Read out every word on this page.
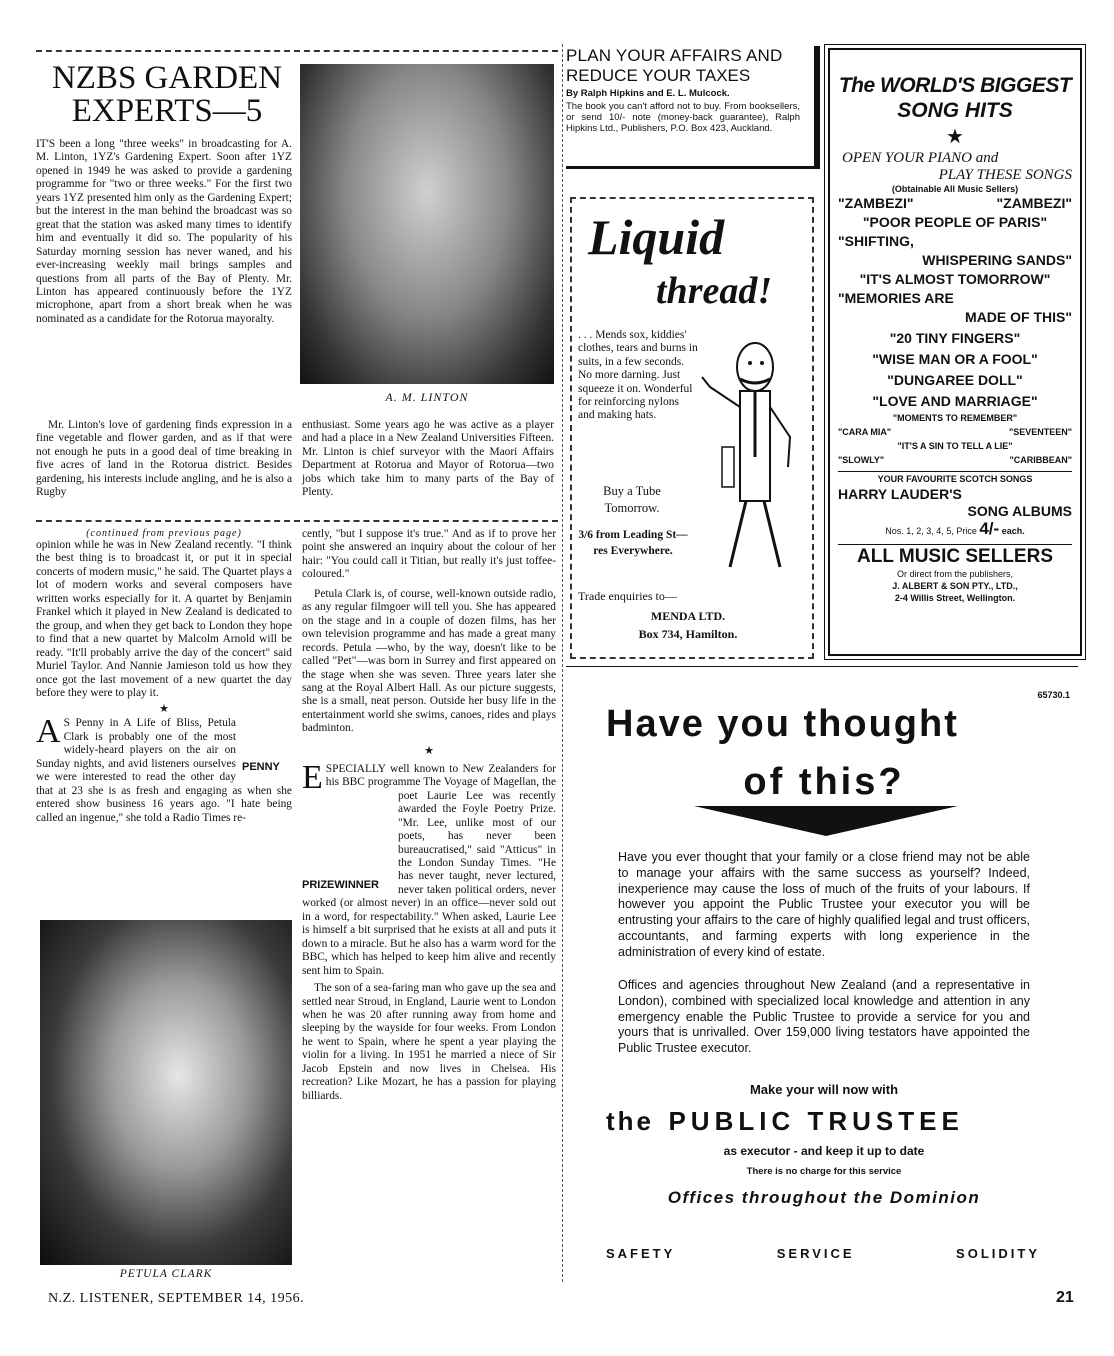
NZBS GARDEN
EXPERTS—5
A. M. LINTON

IT'S been a long "three weeks" in broadcasting for A. M. Linton, 1YZ's Gardening Expert. Soon after 1YZ opened in 1949 he was asked to provide a gardening programme for "two or three weeks." For the first two years 1YZ presented him only as the Gardening Expert; but the interest in the man behind the broadcast was so great that the station was asked many times to identify him and eventually it did so. The popularity of his Saturday morning session has never waned, and his ever-increasing weekly mail brings samples and questions from all parts of the Bay of Plenty. Mr. Linton has appeared continuously before the 1YZ microphone, apart from a short break when he was nominated as a candidate for the Rotorua mayoralty.

Mr. Linton's love of gardening finds expression in a fine vegetable and flower garden, and as if that were not enough he puts in a good deal of time breaking in five acres of land in the Rotorua district. Besides gardening, his interests include angling, and he is also a Rugby

enthusiast. Some years ago he was active as a player and had a place in a New Zealand Universities Fifteen. Mr. Linton is chief surveyor with the Maori Affairs Department at Rotorua and Mayor of Rotorua—two jobs which take him to many parts of the Bay of Plenty.

(continued from previous page)

opinion while he was in New Zealand recently. "I think the best thing is to broadcast it, or put it in special concerts of modern music," he said. The Quartet plays a lot of modern works and several composers have written works especially for it. A quartet by Benjamin Frankel which it played in New Zealand is dedicated to the group, and when they get back to London they hope to find that a new quartet by Malcolm Arnold will be ready. "It'll probably arrive the day of the concert" said Muriel Taylor. And Nannie Jamieson told us how they once got the last movement of a new quartet the day before they were to play it.

★

A
PENNY
S Penny in A Life of Bliss, Petula Clark is probably one of the most widely-heard players on the air on Sunday nights, and avid listeners ourselves we were interested to read the other day that at 23 she is as fresh and engaging as when she entered show business 16 years ago. "I hate being called an ingenue," she told a Radio Times re-

PETULA CLARK

cently, "but I suppose it's true." And as if to prove her point she answered an inquiry about the colour of her hair: "You could call it Titian, but really it's just toffee-coloured."

Petula Clark is, of course, well-known outside radio, as any regular filmgoer will tell you. She has appeared on the stage and in a couple of dozen films, has her own television programme and has made a great many records. Petula —who, by the way, doesn't like to be called "Pet"—was born in Surrey and first appeared on the stage when she was seven. Three years later she sang at the Royal Albert Hall. As our picture suggests, she is a small, neat person. Outside her busy life in the entertainment world she swims, canoes, rides and plays badminton.

★

E
PRIZEWINNER
SPECIALLY well known to New Zealanders for his BBC programme The Voyage of Magellan, the poet Laurie Lee was recently awarded the Foyle Poetry Prize. "Mr. Lee, unlike most of our poets, has never been bureaucratised," said "Atticus" in the London Sunday Times. "He has never taught, never lectured, never taken political orders, never worked (or almost never) in an office—never sold out in a word, for respectability." When asked, Laurie Lee is himself a bit surprised that he exists at all and puts it down to a miracle. But he also has a warm word for the BBC, which has helped to keep him alive and recently sent him to Spain.

The son of a sea-faring man who gave up the sea and settled near Stroud, in England, Laurie went to London when he was 20 after running away from home and sleeping by the wayside for four weeks. From London he went to Spain, where he spent a year playing the violin for a living. In 1951 he married a niece of Sir Jacob Epstein and now lives in Chelsea. His recreation? Like Mozart, he has a passion for playing billiards.

PLAN YOUR AFFAIRS AND
REDUCE YOUR TAXES
By Ralph Hipkins and E. L. Mulcock.
The book you can't afford not to buy. From booksellers, or send 10/- note (money-back guarantee), Ralph Hipkins Ltd., Publishers, P.O. Box 423, Auckland.
Liquid
thread!
. . . Mends sox, kiddies' clothes, tears and burns in suits, in a few seconds. No more darning. Just squeeze it on. Wonderful for reinforcing nylons and making hats.
Buy a Tube Tomorrow.
3/6 from Leading St—res Everywhere.
Trade enquiries to—
MENDA LTD.
Box 734, Hamilton.
The WORLD'S BIGGEST
SONG HITS
★
OPEN YOUR PIANO and
PLAY THESE SONGS
(Obtainable All Music Sellers)
"ZAMBEZI"	"ZAMBEZI"
"POOR PEOPLE OF PARIS"
"SHIFTING,
WHISPERING SANDS"
"IT'S ALMOST TOMORROW"
"MEMORIES ARE
MADE OF THIS"
"20 TINY FINGERS"
"WISE MAN OR A FOOL"
"DUNGAREE DOLL"
"LOVE AND MARRIAGE"
"MOMENTS TO REMEMBER"
"CARA MIA"	"SEVENTEEN"
"IT'S A SIN TO TELL A LIE"
"SLOWLY"	"CARIBBEAN"
YOUR FAVOURITE SCOTCH SONGS
HARRY LAUDER'S
SONG ALBUMS
Nos. 1, 2, 3, 4, 5, Price 4/- each.
ALL MUSIC SELLERS
Or direct from the publishers,
J. ALBERT & SON PTY., LTD.,
2-4 Willis Street, Wellington.
65730.1
Have you thought
of this?
Have you ever thought that your family or a close friend may not be able to manage your affairs with the same success as yourself? Indeed, inexperience may cause the loss of much of the fruits of your labours. If however you appoint the Public Trustee your executor you will be entrusting your affairs to the care of highly qualified legal and trust officers, accountants, and farming experts with long experience in the administration of every kind of estate.
Offices and agencies throughout New Zealand (and a representative in London), combined with specialized local knowledge and attention in any emergency enable the Public Trustee to provide a service for you and yours that is unrivalled. Over 159,000 living testators have appointed the Public Trustee executor.
Make your will now with
the PUBLIC TRUSTEE
as executor - and keep it up to date
There is no charge for this service
Offices throughout the Dominion
SAFETY	SERVICE	SOLIDITY
N.Z. LISTENER, SEPTEMBER 14, 1956.	21
